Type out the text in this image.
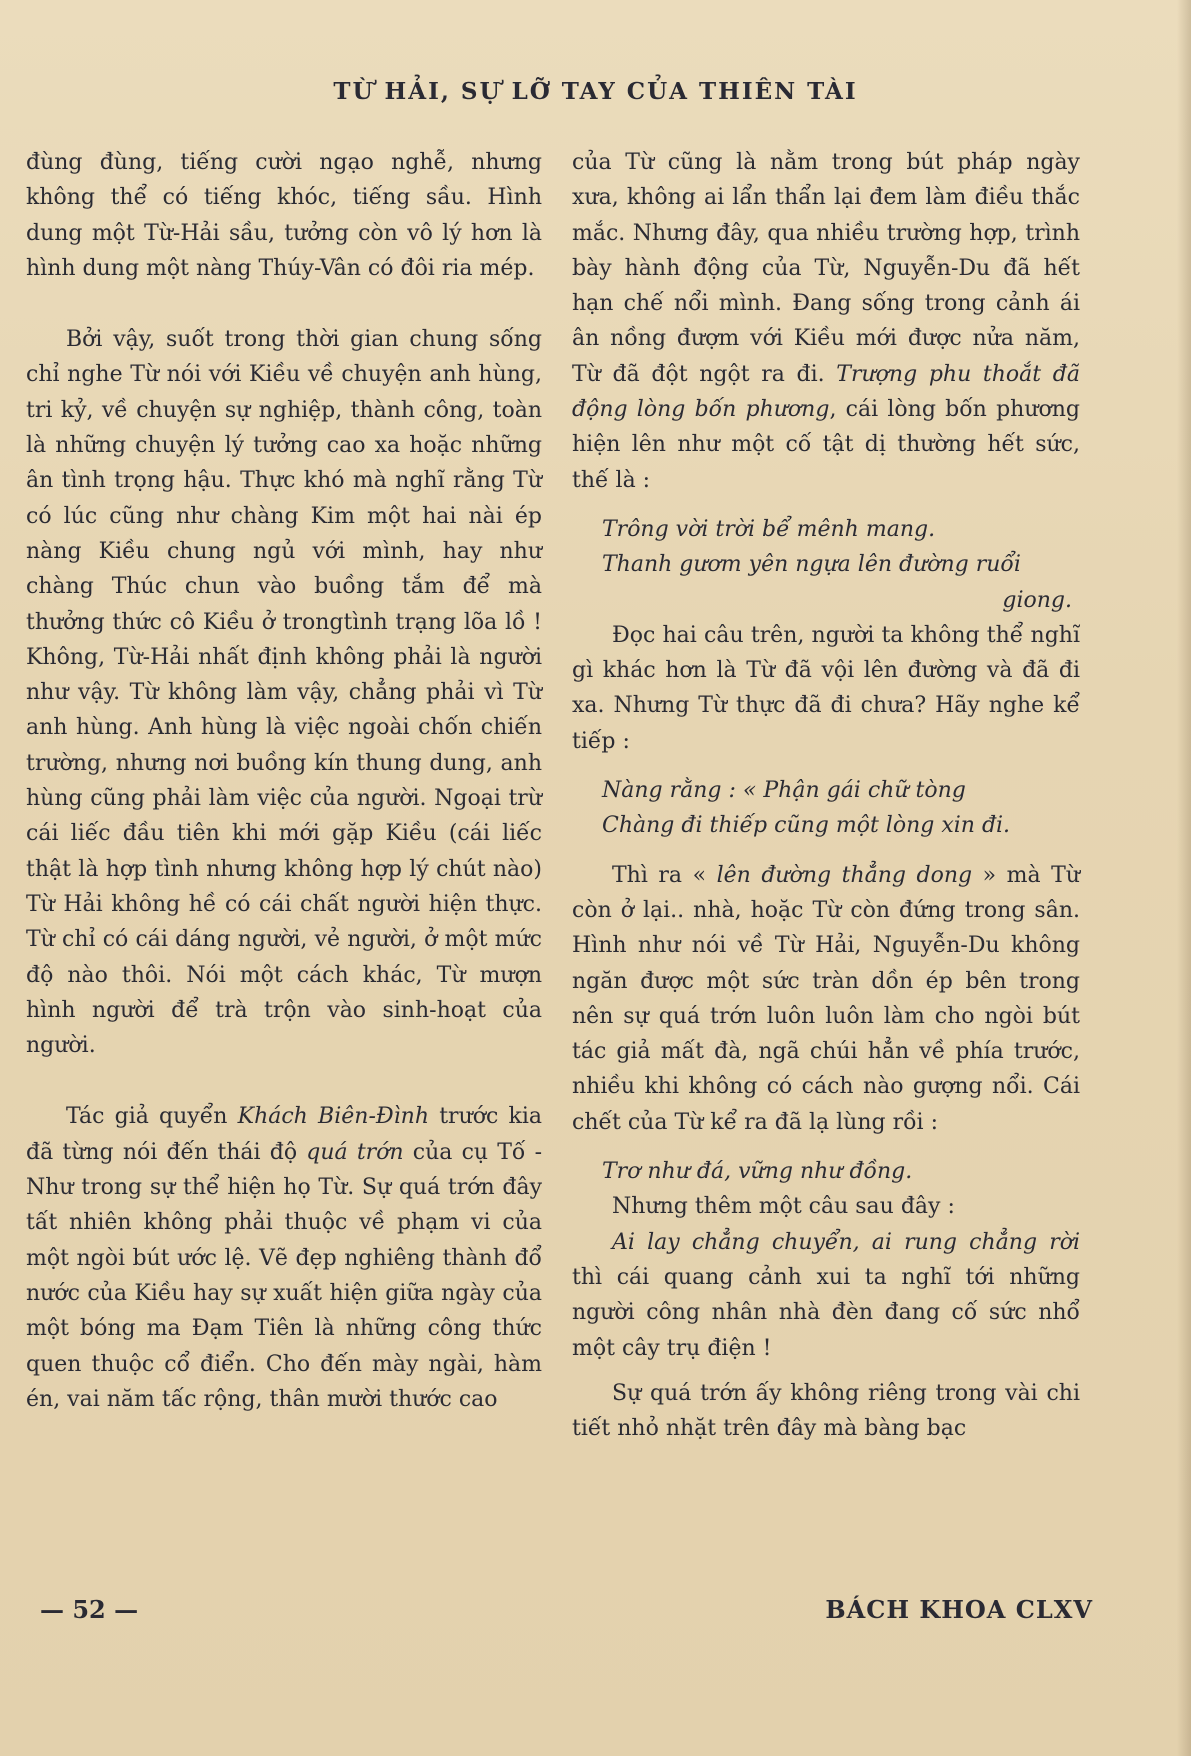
TỪ HẢI, SỰ LỠ TAY CỦA THIÊN TÀI

đùng đùng, tiếng cười ngạo nghễ, nhưng không thể có tiếng khóc, tiếng sầu. Hình dung một Từ-Hải sầu, tưởng còn vô lý hơn là hình dung một nàng Thúy-Vân có đôi ria mép.

Bởi vậy, suốt trong thời gian chung sống chỉ nghe Từ nói với Kiều về chuyện anh hùng, tri kỷ, về chuyện sự nghiệp, thành công, toàn là những chuyện lý tưởng cao xa hoặc những ân tình trọng hậu. Thực khó mà nghĩ rằng Từ có lúc cũng như chàng Kim một hai nài ép nàng Kiều chung ngủ với mình, hay như chàng Thúc chun vào buồng tắm để mà thưởng thức cô Kiều ở trongtình trạng lõa lồ ! Không, Từ-Hải nhất định không phải là người như vậy. Từ không làm vậy, chẳng phải vì Từ anh hùng. Anh hùng là việc ngoài chốn chiến trường, nhưng nơi buồng kín thung dung, anh hùng cũng phải làm việc của người. Ngoại trừ cái liếc đầu tiên khi mới gặp Kiều (cái liếc thật là hợp tình nhưng không hợp lý chút nào) Từ Hải không hề có cái chất người hiện thực. Từ chỉ có cái dáng người, vẻ người, ở một mức độ nào thôi. Nói một cách khác, Từ mượn hình người để trà trộn vào sinh-hoạt của người.

Tác giả quyển Khách Biên-Đình trước kia đã từng nói đến thái độ quá trớn của cụ Tố - Như trong sự thể hiện họ Từ. Sự quá trớn đây tất nhiên không phải thuộc về phạm vi của một ngòi bút ước lệ. Vẽ đẹp nghiêng thành đổ nước của Kiều hay sự xuất hiện giữa ngày của một bóng ma Đạm Tiên là những công thức quen thuộc cổ điển. Cho đến mày ngài, hàm én, vai năm tấc rộng, thân mười thước cao

của Từ cũng là nằm trong bút pháp ngày xưa, không ai lẩn thẩn lại đem làm điều thắc mắc. Nhưng đây, qua nhiều trường hợp, trình bày hành động của Từ, Nguyễn-Du đã hết hạn chế nổi mình. Đang sống trong cảnh ái ân nồng đượm với Kiều mới được nửa năm, Từ đã đột ngột ra đi. Trượng phu thoắt đã động lòng bốn phương, cái lòng bốn phương hiện lên như một cố tật dị thường hết sức, thế là :

Trông vời trời bể mênh mang.
Thanh gươm yên ngựa lên đường ruổi
giong.

Đọc hai câu trên, người ta không thể nghĩ gì khác hơn là Từ đã vội lên đường và đã đi xa. Nhưng Từ thực đã đi chưa? Hãy nghe kể tiếp :

Nàng rằng : « Phận gái chữ tòng
Chàng đi thiếp cũng một lòng xin đi.

Thì ra « lên đường thẳng dong » mà Từ còn ở lại.. nhà, hoặc Từ còn đứng trong sân. Hình như nói về Từ Hải, Nguyễn-Du không ngăn được một sức tràn dồn ép bên trong nên sự quá trớn luôn luôn làm cho ngòi bút tác giả mất đà, ngã chúi hẳn về phía trước, nhiều khi không có cách nào gượng nổi. Cái chết của Từ kể ra đã lạ lùng rồi :

Trơ như đá, vững như đồng.

Nhưng thêm một câu sau đây :

Ai lay chẳng chuyển, ai rung chẳng rời thì cái quang cảnh xui ta nghĩ tới những người công nhân nhà đèn đang cố sức nhổ một cây trụ điện !

Sự quá trớn ấy không riêng trong vài chi tiết nhỏ nhặt trên đây mà bàng bạc

— 52 —	BÁCH KHOA CLXV
